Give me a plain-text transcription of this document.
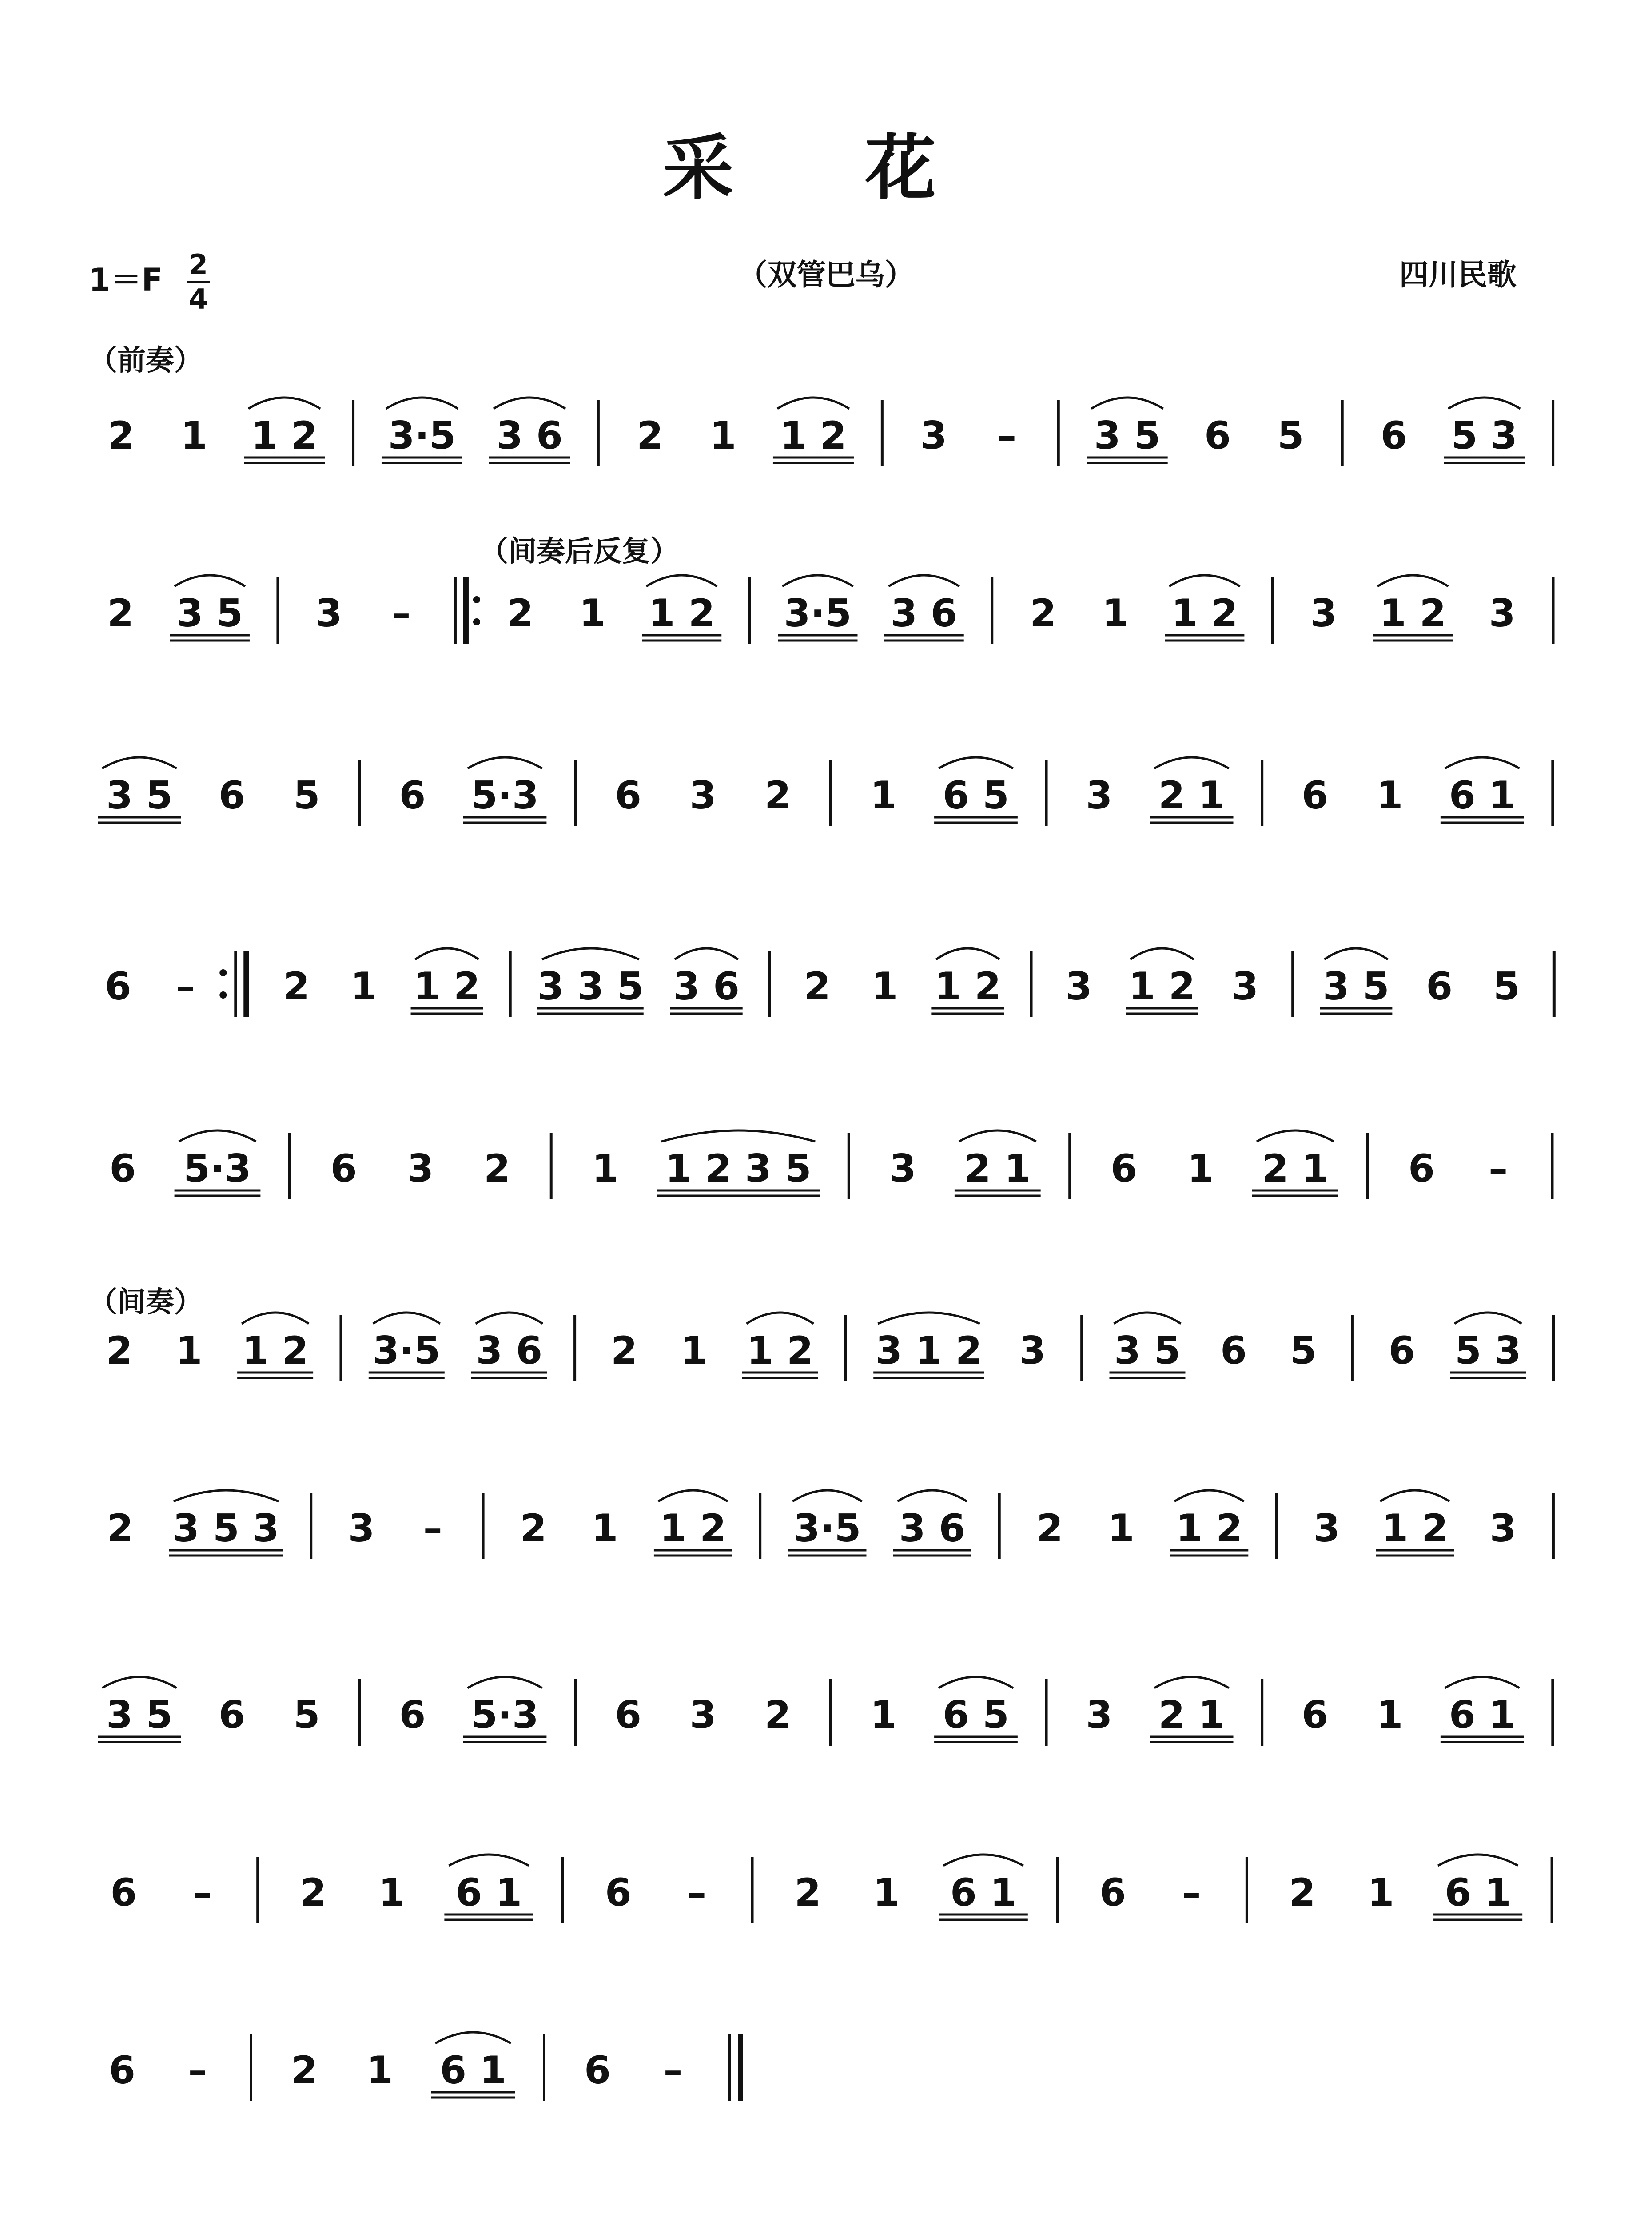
采 花
$1=F \frac{2}{4}$	（双管巴乌）	四川民歌
（前奏）
（间奏后反复）
（间奏）
2 1 1 2 3·5 3 6 2 1 1 2 3 – 3 5 6 5 6 5 3
2 3 5 3 –	2 1 1 2 3·5 3 6 2 1 1 2 3 1 2 3
3 5 6 5 6 5·3 6 3 2 1 6 5 3 2 1 6 1 6 1
6 – 2 1 1 2 3 3 5 3 6 2 1 1 2 3 1 2 3 3 5 6 5
6 5·3 6 3 2 1 1 2 3 5 3 2 1 6 1 2 1 6 –
2 1 1 2 3·5 3 6 2 1 1 2 3 1 2 3 3 5 6 5 6 5 3
2 3 5 3 3 – 2 1 1 2 3·5 3 6 2 1 1 2 3 1 2 3
3 5 6 5 6 5·3 6 3 2 1 6 5 3 2 1 6 1 6 1
6 – 2 1 6 1 6 – 2 1 6 1 6 – 2 1 6 1
6 – 2 1 6 1 6 –
